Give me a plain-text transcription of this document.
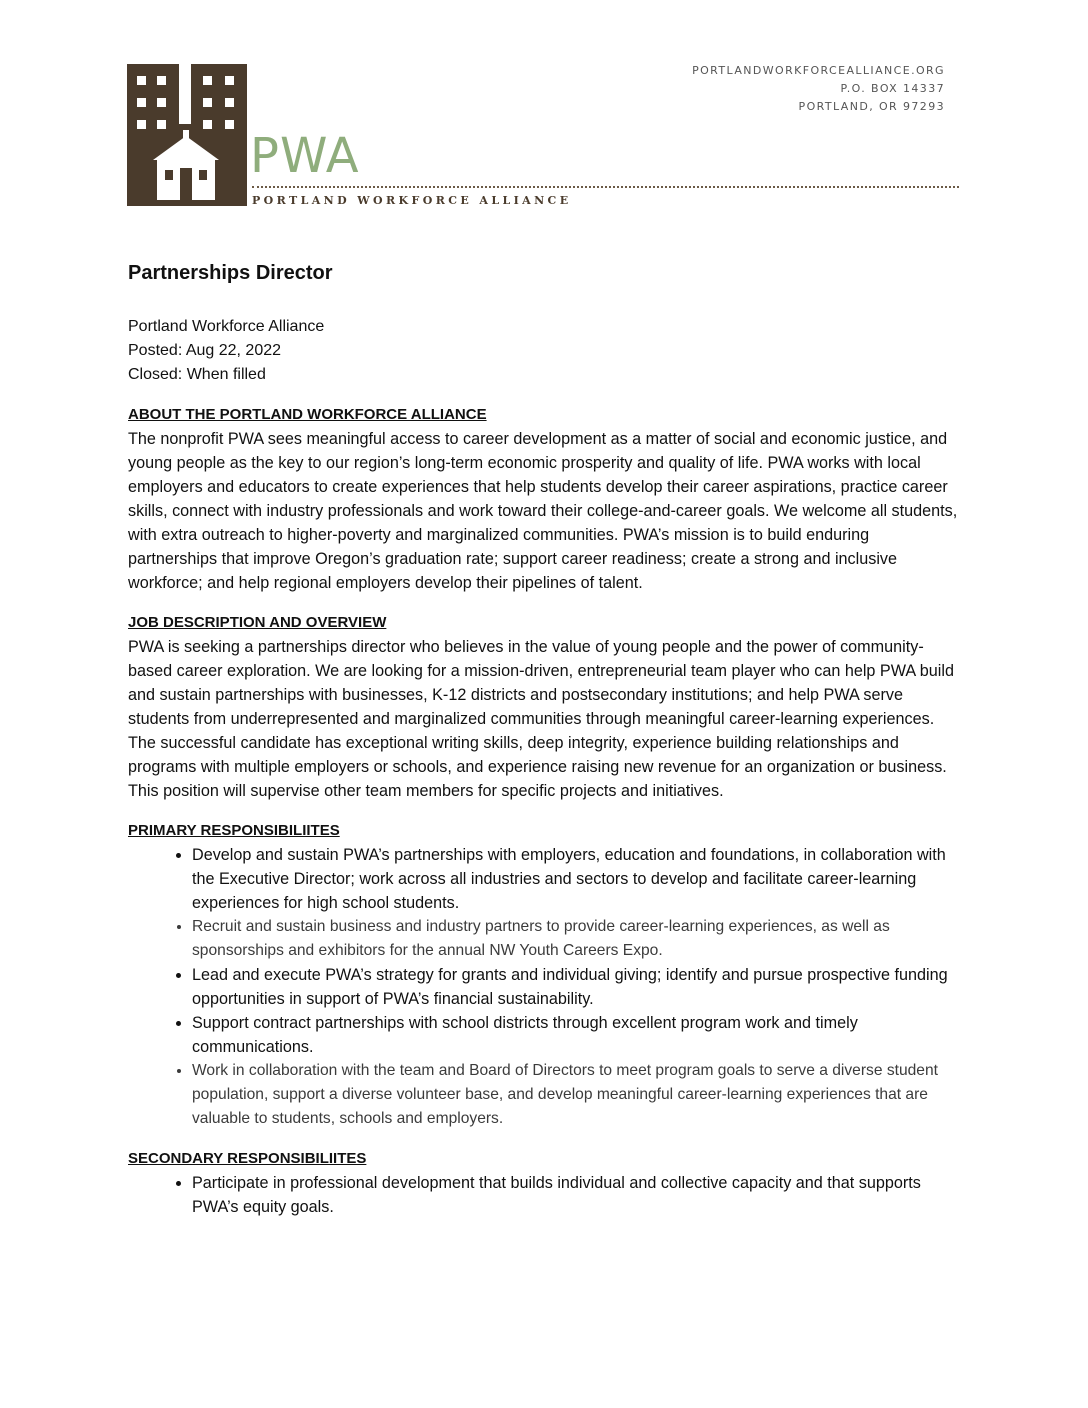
PWA
PORTLAND WORKFORCE ALLIANCE
PORTLANDWORKFORCEALLIANCE.ORG
P.O. BOX 14337
PORTLAND, OR 97293
Partnerships Director
Portland Workforce Alliance
Posted: Aug 22, 2022
Closed: When filled
ABOUT THE PORTLAND WORKFORCE ALLIANCE
The nonprofit PWA sees meaningful access to career development as a matter of social and economic justice, and young people as the key to our region’s long-term economic prosperity and quality of life. PWA works with local employers and educators to create experiences that help students develop their career aspirations, practice career skills, connect with industry professionals and work toward their college-and-career goals. We welcome all students, with extra outreach to higher-poverty and marginalized communities. PWA’s mission is to build enduring partnerships that improve Oregon’s graduation rate; support career readiness; create a strong and inclusive workforce; and help regional employers develop their pipelines of talent.
JOB DESCRIPTION AND OVERVIEW
PWA is seeking a partnerships director who believes in the value of young people and the power of community-based career exploration. We are looking for a mission-driven, entrepreneurial team player who can help PWA build and sustain partnerships with businesses, K-12 districts and postsecondary institutions; and help PWA serve students from underrepresented and marginalized communities through meaningful career-learning experiences. The successful candidate has exceptional writing skills, deep integrity, experience building relationships and programs with multiple employers or schools, and experience raising new revenue for an organization or business. This position will supervise other team members for specific projects and initiatives.
PRIMARY RESPONSIBILIITES
• Develop and sustain PWA’s partnerships with employers, education and foundations, in collaboration with the Executive Director; work across all industries and sectors to develop and facilitate career-learning experiences for high school students.
• Recruit and sustain business and industry partners to provide career-learning experiences, as well as sponsorships and exhibitors for the annual NW Youth Careers Expo.
• Lead and execute PWA’s strategy for grants and individual giving; identify and pursue prospective funding opportunities in support of PWA’s financial sustainability.
• Support contract partnerships with school districts through excellent program work and timely communications.
• Work in collaboration with the team and Board of Directors to meet program goals to serve a diverse student population, support a diverse volunteer base, and develop meaningful career-learning experiences that are valuable to students, schools and employers.
SECONDARY RESPONSIBILIITES
• Participate in professional development that builds individual and collective capacity and that supports PWA’s equity goals.
